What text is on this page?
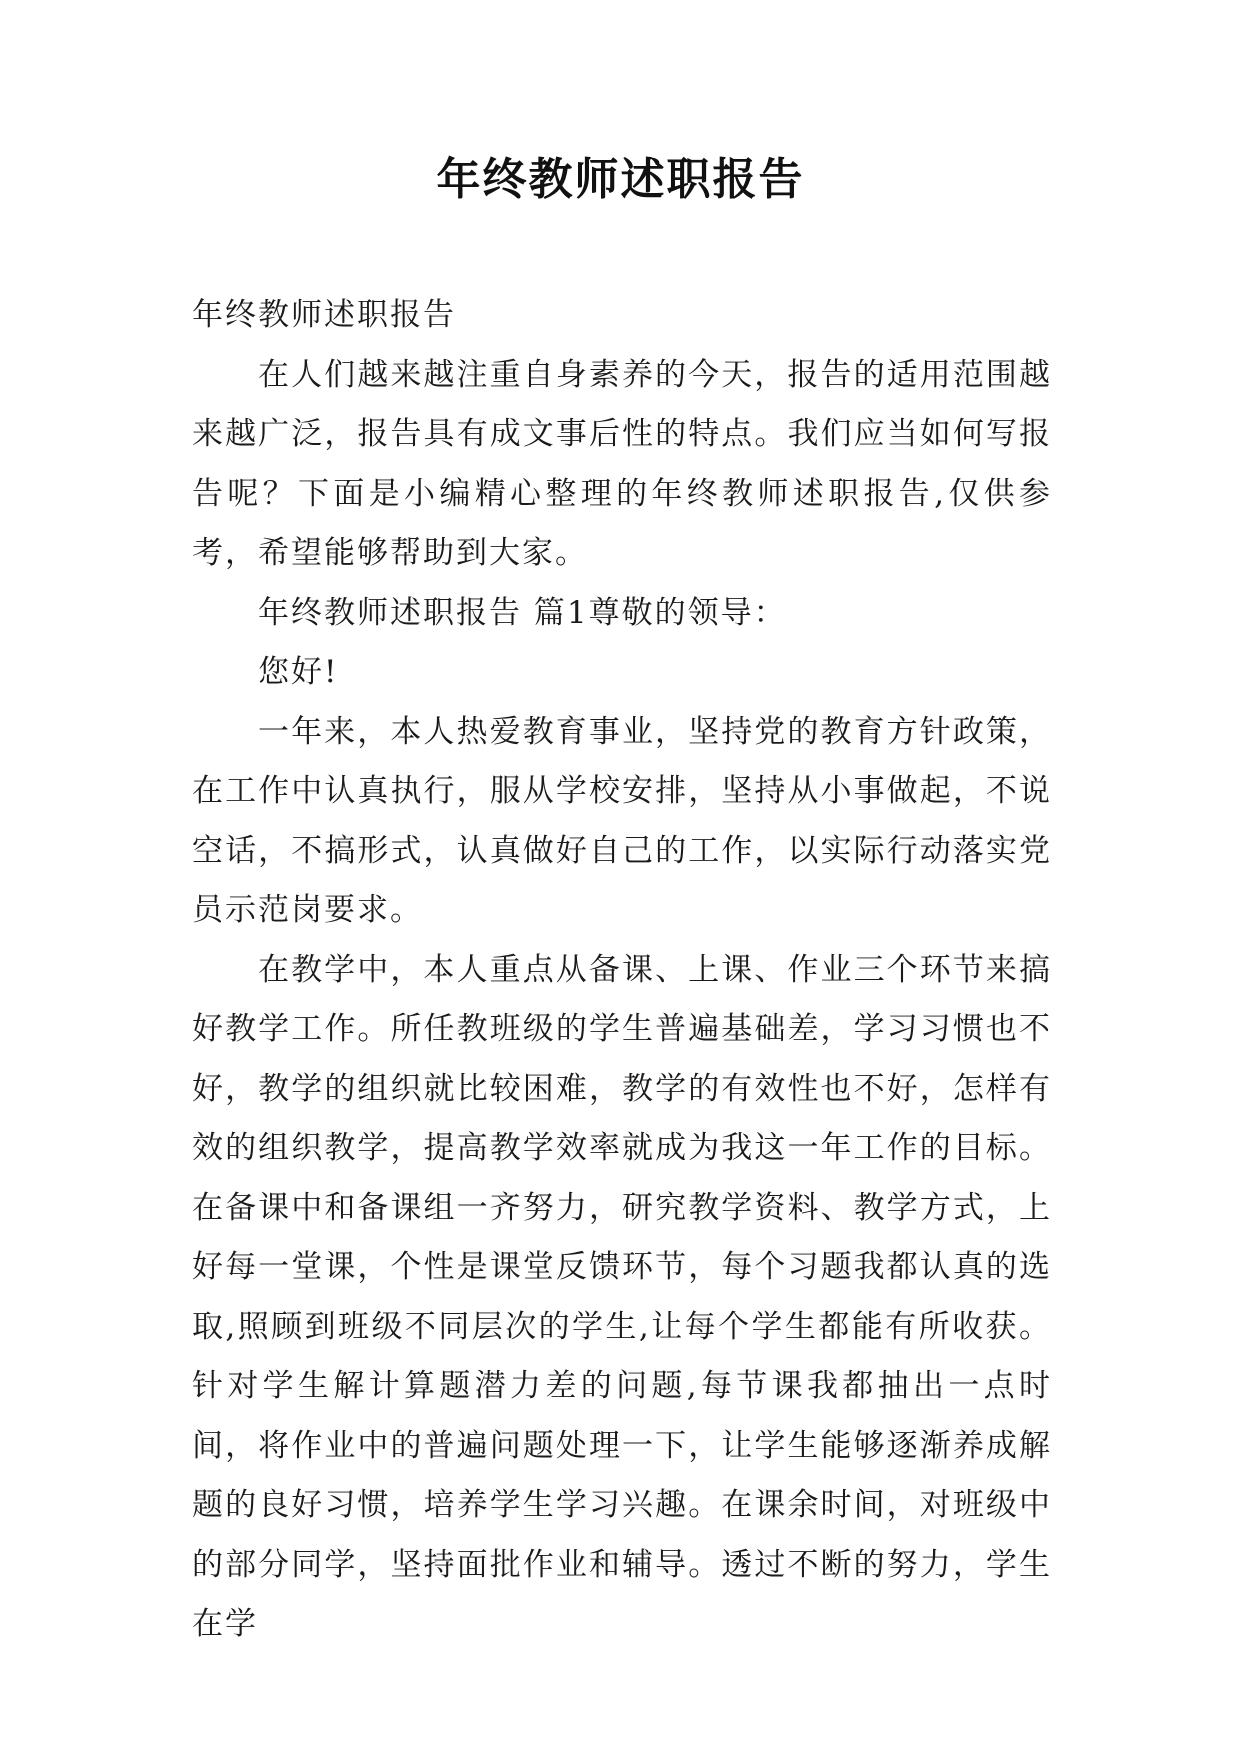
年终教师述职报告

年终教师述职报告

在人们越来越注重自身素养的今天，报告的适用范围越来越广泛，报告具有成文事后性的特点。我们应当如何写报告呢？下面是小编精心整理的年终教师述职报告,仅供参考，希望能够帮助到大家。

年终教师述职报告 篇1尊敬的领导：

您好!

一年来，本人热爱教育事业，坚持党的教育方针政策，在工作中认真执行，服从学校安排，坚持从小事做起，不说空话，不搞形式，认真做好自己的工作，以实际行动落实党员示范岗要求。

在教学中，本人重点从备课、上课、作业三个环节来搞好教学工作。所任教班级的学生普遍基础差，学习习惯也不好，教学的组织就比较困难，教学的有效性也不好，怎样有效的组织教学，提高教学效率就成为我这一年工作的目标。在备课中和备课组一齐努力，研究教学资料、教学方式，上好每一堂课，个性是课堂反馈环节，每个习题我都认真的选取,照顾到班级不同层次的学生,让每个学生都能有所收获。针对学生解计算题潜力差的问题,每节课我都抽出一点时间，将作业中的普遍问题处理一下，让学生能够逐渐养成解题的良好习惯，培养学生学习兴趣。在课余时间，对班级中的部分同学，坚持面批作业和辅导。透过不断的努力，学生在学
